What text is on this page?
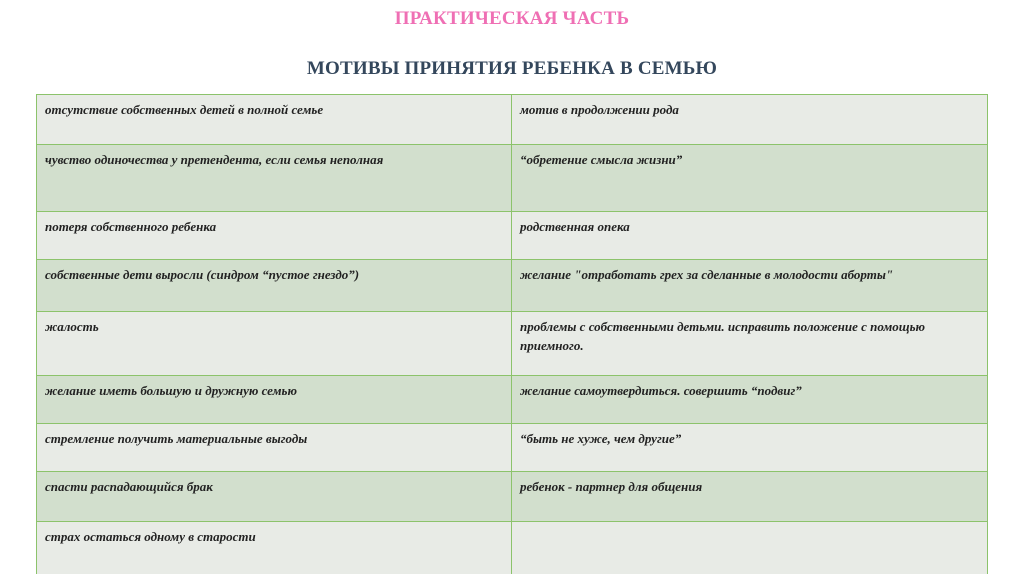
ПРАКТИЧЕСКАЯ ЧАСТЬ
МОТИВЫ ПРИНЯТИЯ РЕБЕНКА В СЕМЬЮ
отсутствие собственных детей в полной семье	мотив в продолжении рода
чувство одиночества у претендента, если семья неполная	“обретение смысла жизни”
потеря собственного ребенка	родственная опека
собственные дети выросли (синдром “пустое гнездо”)	желание "отработать грех за сделанные в молодости аборты"
жалость	проблемы с собственными детьми. исправить положение с помощью приемного.
желание иметь большую и дружную семью	желание самоутвердиться. совершить “подвиг”
стремление получить материальные выгоды	“быть не хуже, чем другие”
спасти распадающийся брак	ребенок - партнер для общения
страх остаться одному в старости	
